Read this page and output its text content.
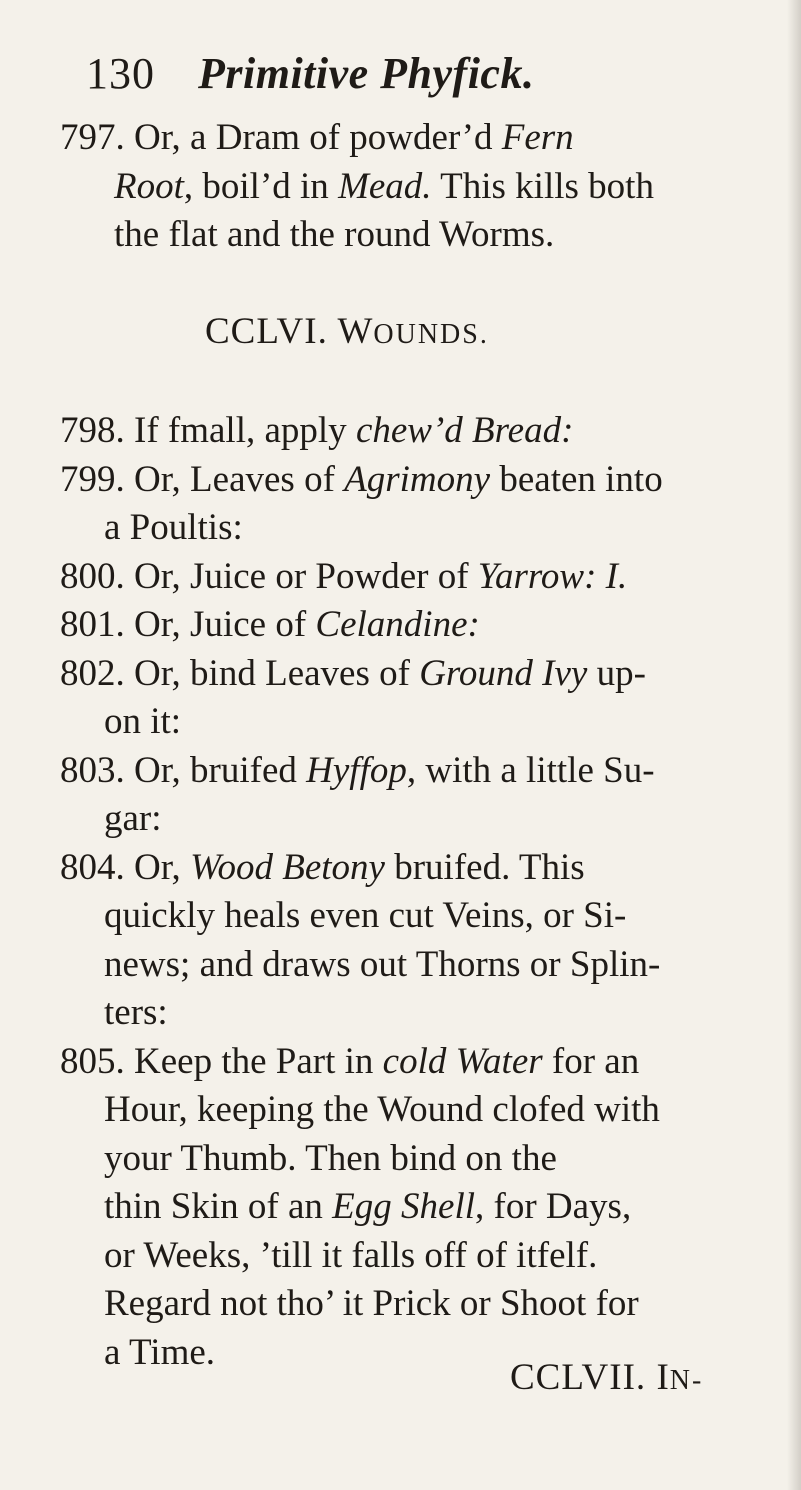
130 Primitive Phyfick.
797. Or, a Dram of powder’d Fern
Root, boil’d in Mead. This kills both
the flat and the round Worms.
CCLVI. WOUNDS.
798. If fmall, apply chew’d Bread:
799. Or, Leaves of Agrimony beaten into
a Poultis:
800. Or, Juice or Powder of Yarrow: I.
801. Or, Juice of Celandine:
802. Or, bind Leaves of Ground Ivy up-
on it:
803. Or, bruifed Hyffop, with a little Su-
gar:
804. Or, Wood Betony bruifed. This
quickly heals even cut Veins, or Si-
news; and draws out Thorns or Splin-
ters:
805. Keep the Part in cold Water for an
Hour, keeping the Wound clofed with
your Thumb. Then bind on the
thin Skin of an Egg Shell, for Days,
or Weeks, ’till it falls off of itfelf.
Regard not tho’ it Prick or Shoot for
a Time.
CCLVII. IN-
